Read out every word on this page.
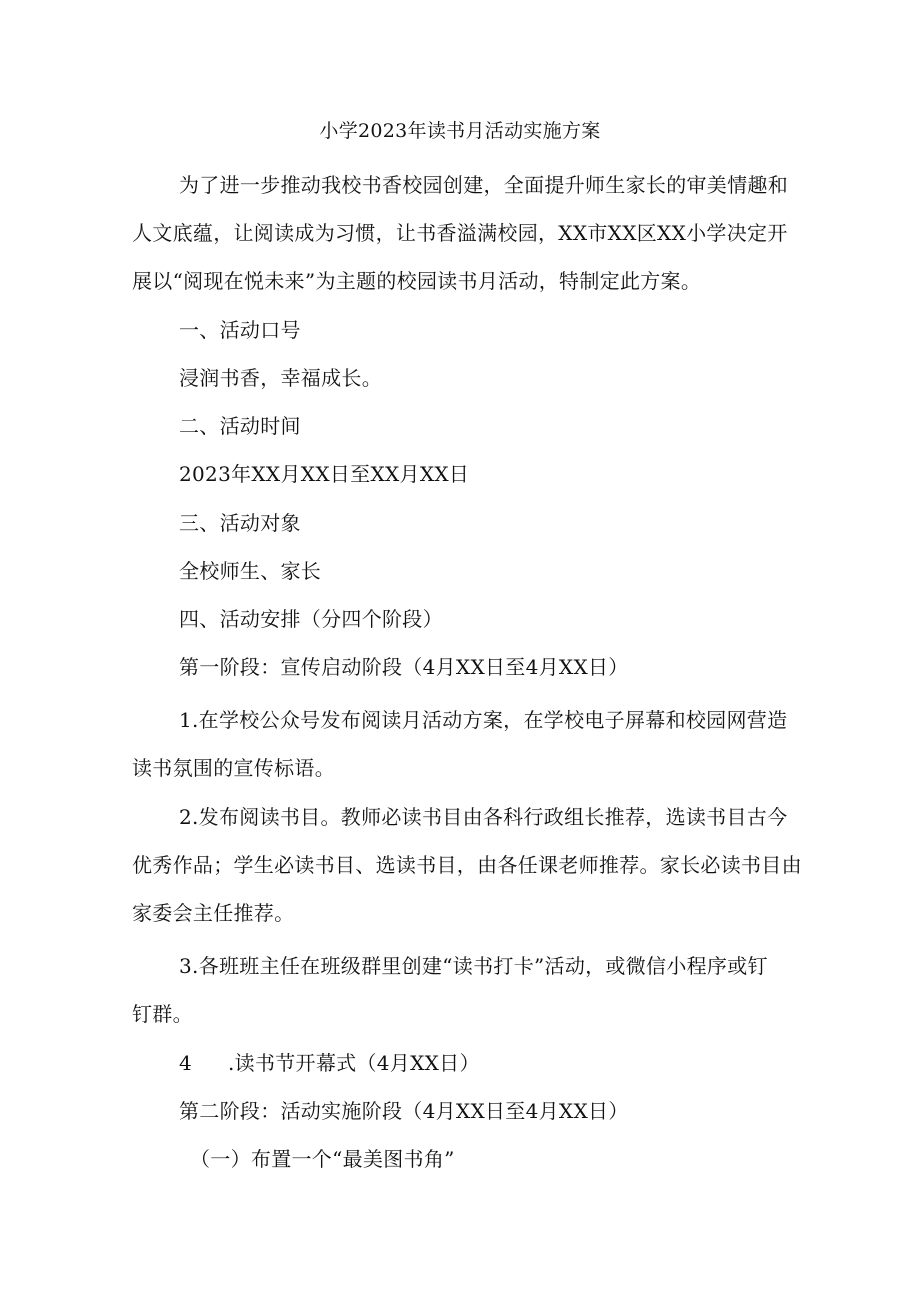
小学2023年读书月活动实施方案
为了进一步推动我校书香校园创建，全面提升师生家长的审美情趣和
人文底蕴，让阅读成为习惯，让书香溢满校园，XX市XX区XX小学决定开
展以“阅现在悦未来”为主题的校园读书月活动，特制定此方案。
一、活动口号
浸润书香，幸福成长。
二、活动时间
2023年XX月XX日至XX月XX日
三、活动对象
全校师生、家长
四、活动安排（分四个阶段）
第一阶段：宣传启动阶段（4月XX日至4月XX日）
1.在学校公众号发布阅读月活动方案，在学校电子屏幕和校园网营造
读书氛围的宣传标语。
2.发布阅读书目。教师必读书目由各科行政组长推荐，选读书目古今
优秀作品；学生必读书目、选读书目，由各任课老师推荐。家长必读书目由
家委会主任推荐。
3.各班班主任在班级群里创建“读书打卡”活动，或微信小程序或钉
钉群。
4 .读书节开幕式（4月XX日）
第二阶段：活动实施阶段（4月XX日至4月XX日）
（一）布置一个“最美图书角”
